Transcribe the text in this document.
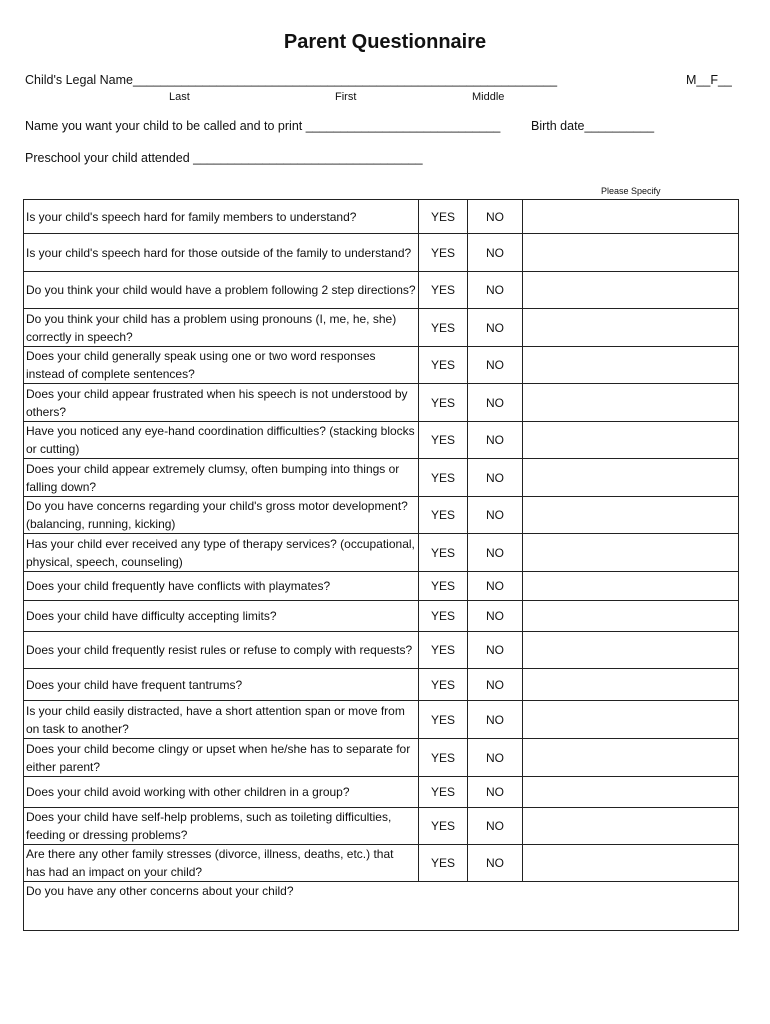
Parent Questionnaire
Child's Legal Name_____________________________________________________________	M__F__
Last	First	Middle
Name you want your child to be called and to print ____________________________ Birth date__________
Preschool your child attended _________________________________
Please Specify
Is your child's speech hard for family members to understand?	YES	NO	
Is your child's speech hard for those outside of the family to understand?	YES	NO	
Do you think your child would have a problem following 2 step directions?	YES	NO	
Do you think your child has a problem using pronouns (I, me, he, she) correctly in speech?	YES	NO	
Does your child generally speak using one or two word responses instead of complete sentences?	YES	NO	
Does your child appear frustrated when his speech is not understood by others?	YES	NO	
Have you noticed any eye-hand coordination difficulties? (stacking blocks or cutting)	YES	NO	
Does your child appear extremely clumsy, often bumping into things or falling down?	YES	NO	
Do you have concerns regarding your child's gross motor development? (balancing, running, kicking)	YES	NO	
Has your child ever received any type of therapy services? (occupational, physical, speech, counseling)	YES	NO	
Does your child frequently have conflicts with playmates?	YES	NO	
Does your child have difficulty accepting limits?	YES	NO	
Does your child frequently resist rules or refuse to comply with requests?	YES	NO	
Does your child have frequent tantrums?	YES	NO	
Is your child easily distracted, have a short attention span or move from on task to another?	YES	NO	
Does your child become clingy or upset when he/she has to separate for either parent?	YES	NO	
Does your child avoid working with other children in a group?	YES	NO	
Does your child have self-help problems, such as toileting difficulties, feeding or dressing problems?	YES	NO	
Are there any other family stresses (divorce, illness, deaths, etc.) that has had an impact on your child?	YES	NO	
Do you have any other concerns about your child?			
